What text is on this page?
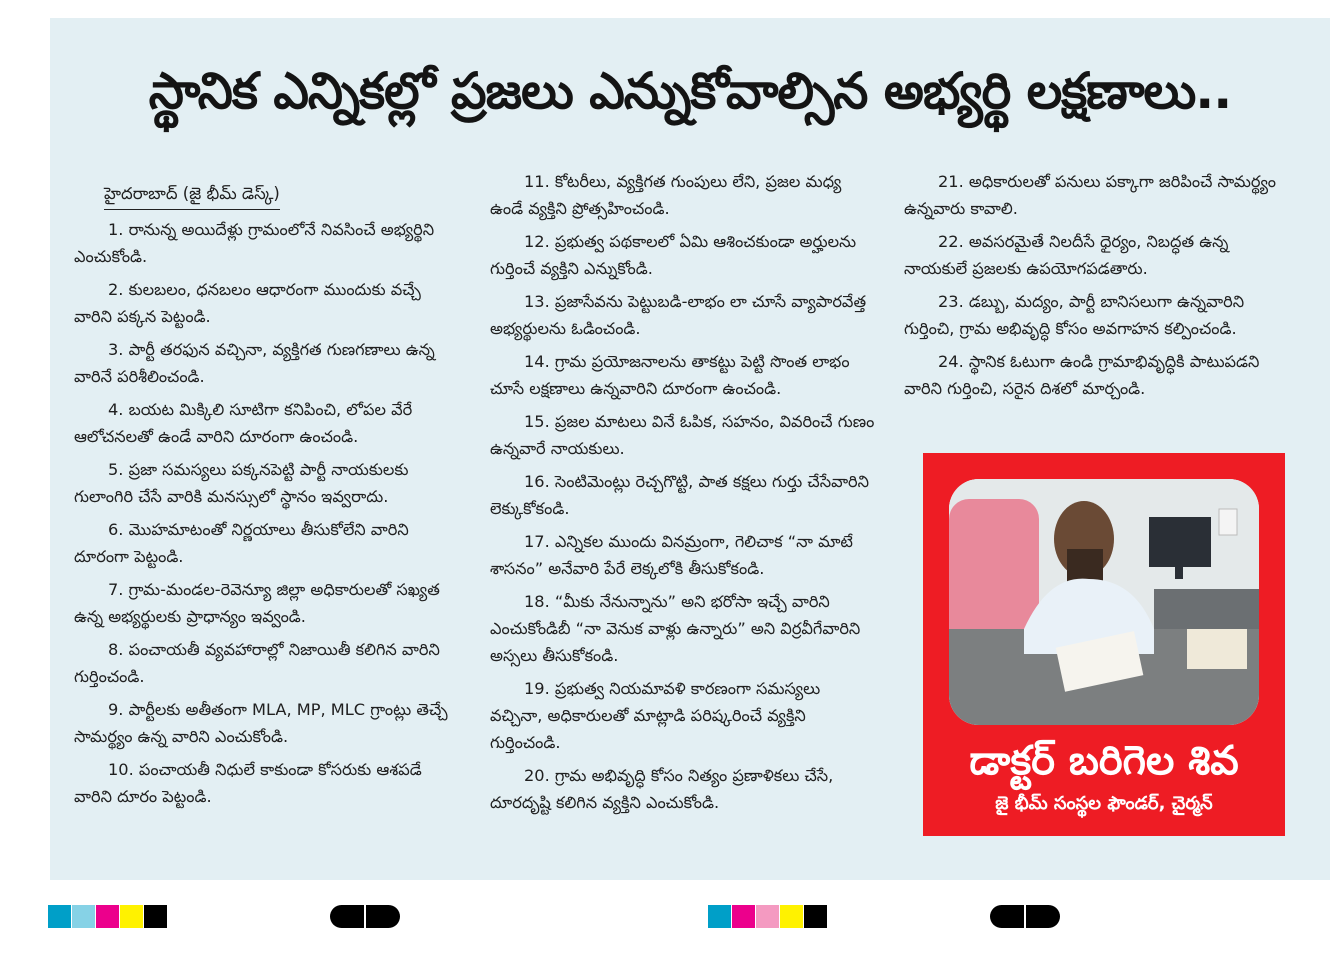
స్థానిక ఎన్నికల్లో ప్రజలు ఎన్నుకోవాల్సిన అభ్యర్థి లక్షణాలు..
హైదరాబాద్ (జై భీమ్ డెస్క్)

1. రానున్న అయిదేళ్లు గ్రామంలోనే నివసించే అభ్యర్థిని ఎంచుకోండి.

2. కులబలం, ధనబలం ఆధారంగా ముందుకు వచ్చే వారిని పక్కన పెట్టండి.

3. పార్టీ తరఫున వచ్చినా, వ్యక్తిగత గుణగణాలు ఉన్న వారినే పరిశీలించండి.

4. బయట మిక్కిలి సూటిగా కనిపించి, లోపల వేరే ఆలోచనలతో ఉండే వారిని దూరంగా ఉంచండి.

5. ప్రజా సమస్యలు పక్కనపెట్టి పార్టీ నాయకులకు గులాంగిరి చేసే వారికి మనస్సులో స్థానం ఇవ్వరాదు.

6. మొహమాటంతో నిర్ణయాలు తీసుకోలేని వారిని దూరంగా పెట్టండి.

7. గ్రామ-మండల-రెవెన్యూ జిల్లా అధికారులతో సఖ్యత ఉన్న అభ్యర్థులకు ప్రాధాన్యం ఇవ్వండి.

8. పంచాయతీ వ్యవహారాల్లో నిజాయితీ కలిగిన వారిని గుర్తించండి.

9. పార్టీలకు అతీతంగా MLA, MP, MLC గ్రాంట్లు తెచ్చే సామర్థ్యం ఉన్న వారిని ఎంచుకోండి.

10. పంచాయతీ నిధులే కాకుండా కోసరుకు ఆశపడే వారిని దూరం పెట్టండి.

11. కోటరీలు, వ్యక్తిగత గుంపులు లేని, ప్రజల మధ్య ఉండే వ్యక్తిని ప్రోత్సహించండి.

12. ప్రభుత్వ పథకాలలో ఏమి ఆశించకుండా అర్హులను గుర్తించే వ్యక్తిని ఎన్నుకోండి.

13. ప్రజాసేవను పెట్టుబడి-లాభం లా చూసే వ్యాపారవేత్త అభ్యర్థులను ఓడించండి.

14. గ్రామ ప్రయోజనాలను తాకట్టు పెట్టి సొంత లాభం చూసే లక్షణాలు ఉన్నవారిని దూరంగా ఉంచండి.

15. ప్రజల మాటలు వినే ఓపిక, సహనం, వివరించే గుణం ఉన్నవారే నాయకులు.

16. సెంటిమెంట్లు రెచ్చగొట్టి, పాత కక్షలు గుర్తు చేసేవారిని లెక్కుకోకండి.

17. ఎన్నికల ముందు వినమ్రంగా, గెలిచాక “నా మాటే శాసనం” అనేవారి పేరే లెక్కలోకి తీసుకోకండి.

18. “మీకు నేనున్నాను” అని భరోసా ఇచ్చే వారిని ఎంచుకోండిబీ “నా వెనుక వాళ్లు ఉన్నారు” అని విర్రవీగేవారిని అస్సలు తీసుకోకండి.

19. ప్రభుత్వ నియమావళి కారణంగా సమస్యలు వచ్చినా, అధికారులతో మాట్లాడి పరిష్కరించే వ్యక్తిని గుర్తించండి.

20. గ్రామ అభివృద్ధి కోసం నిత్యం ప్రణాళికలు చేసే, దూరదృష్టి కలిగిన వ్యక్తిని ఎంచుకోండి.

21. అధికారులతో పనులు పక్కాగా జరిపించే సామర్థ్యం ఉన్నవారు కావాలి.

22. అవసరమైతే నిలదీసే ధైర్యం, నిబద్ధత ఉన్న నాయకులే ప్రజలకు ఉపయోగపడతారు.

23. డబ్బు, మద్యం, పార్టీ బానిసలుగా ఉన్నవారిని గుర్తించి, గ్రామ అభివృద్ధి కోసం అవగాహన కల్పించండి.

24. స్థానిక ఓటుగా ఉండి గ్రామాభివృద్ధికి పాటుపడని వారిని గుర్తించి, సరైన దిశలో మార్చండి.

డాక్టర్ బరిగెల శివ
జై భీమ్ సంస్థల ఫౌండర్, చైర్మన్
